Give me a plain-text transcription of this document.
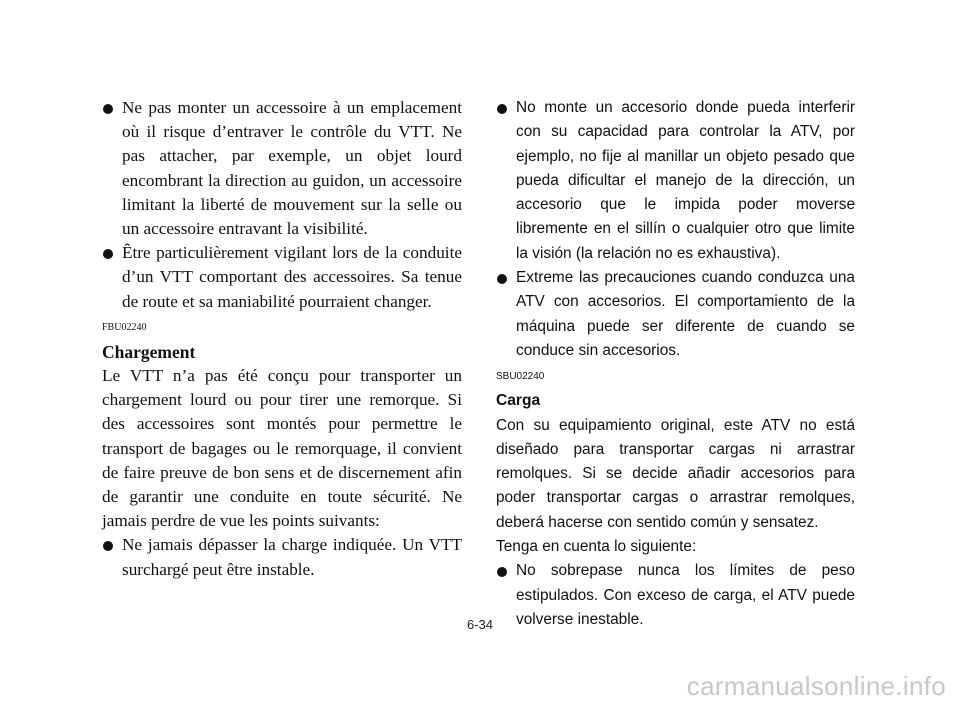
Ne pas monter un accessoire à un emplacement où il risque d’entraver le contrôle du VTT. Ne pas attacher, par exemple, un objet lourd encombrant la direction au guidon, un accessoire limitant la liberté de mouvement sur la selle ou un accessoire entravant la visibilité.
Être particulièrement vigilant lors de la conduite d’un VTT comportant des accessoires. Sa tenue de route et sa maniabilité pourraient changer.
FBU02240
Chargement
Le VTT n’a pas été conçu pour transporter un chargement lourd ou pour tirer une remorque. Si des accessoires sont montés pour permettre le transport de bagages ou le remorquage, il convient de faire preuve de bon sens et de discernement afin de garantir une conduite en toute sécurité. Ne jamais perdre de vue les points suivants:
Ne jamais dépasser la charge indiquée. Un VTT surchargé peut être instable.
No monte un accesorio donde pueda interferir con su capacidad para controlar la ATV, por ejemplo, no fije al manillar un objeto pesado que pueda dificultar el manejo de la dirección, un accesorio que le impida poder moverse libremente en el sillín o cualquier otro que limite la visión (la relación no es exhaustiva).
Extreme las precauciones cuando conduzca una ATV con accesorios. El comportamiento de la máquina puede ser diferente de cuando se conduce sin accesorios.
SBU02240
Carga
Con su equipamiento original, este ATV no está diseñado para transportar cargas ni arrastrar remolques. Si se decide añadir accesorios para poder transportar cargas o arrastrar remolques, deberá hacerse con sentido común y sensatez.
Tenga en cuenta lo siguiente:
No sobrepase nunca los límites de peso estipulados. Con exceso de carga, el ATV puede volverse inestable.
6-34
carmanualsonline.info
